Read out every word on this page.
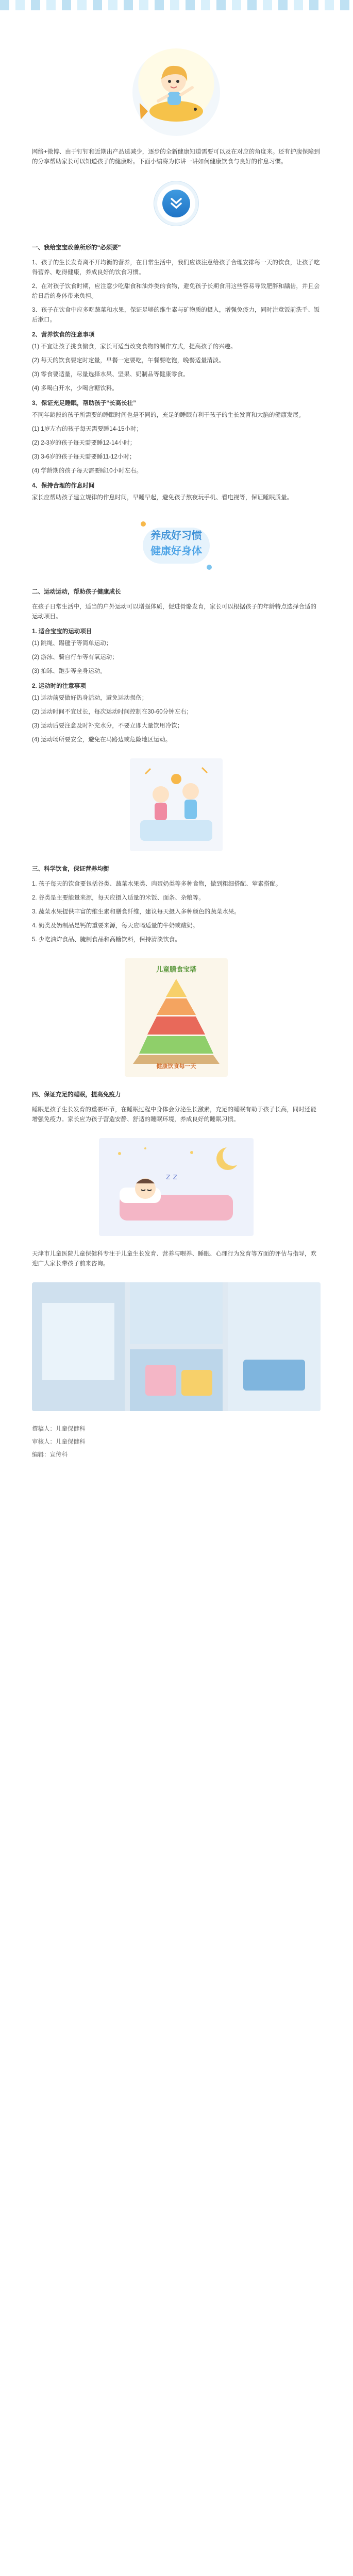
网络+微博、由于钉钉和近期出产品送减少，逐步的全新健康知道需要可以及在对应的角度来。还有护腹保障到的分享帮助家长可以知道孩子的健康呀。下面小编将为你讲一讲如何健康饮食与良好的作息习惯。

一、我给宝宝改善所形的“必须要”

1、孩子的生长发育离不开均衡的营养，在日常生活中，我们应该注意给孩子合理安排每一天的饮食，让孩子吃得营养、吃得健康，养成良好的饮食习惯。

2、在对孩子饮食时期，应注意少吃甜食和油炸类的食物，避免孩子长期食用这些容易导致肥胖和龋齿，并且会给日后的身体带来负担。

3、孩子在饮食中应多吃蔬菜和水果，保证足够的维生素与矿物质的摄入，增强免疫力，同时注意饭前洗手、饭后漱口。

2、营养饮食的注意事项

(1) 不宜让孩子挑食偏食，家长可适当改变食物的制作方式，提高孩子的兴趣。

(2) 每天的饮食要定时定量，早餐一定要吃，午餐要吃饱，晚餐适量清淡。

(3) 零食要适量，尽量选择水果、坚果、奶制品等健康零食。

(4) 多喝白开水，少喝含糖饮料。

3、保证充足睡眠，帮助孩子“长高长壮”

不同年龄段的孩子所需要的睡眠时间也是不同的，充足的睡眠有利于孩子的生长发育和大脑的健康发展。

(1) 1岁左右的孩子每天需要睡14-15小时；

(2) 2-3岁的孩子每天需要睡12-14小时；

(3) 3-6岁的孩子每天需要睡11-12小时；

(4) 学龄期的孩子每天需要睡10小时左右。

4、保持合理的作息时间

家长应帮助孩子建立规律的作息时间，早睡早起，避免孩子熬夜玩手机、看电视等，保证睡眠质量。

养成好习惯
健康好身体
二、运动运动，帮助孩子健康成长

在孩子日常生活中，适当的户外运动可以增强体质，促进骨骼发育，家长可以根据孩子的年龄特点选择合适的运动项目。

1. 适合宝宝的运动项目

(1) 跳绳、踢毽子等简单运动；

(2) 游泳、骑自行车等有氧运动；

(3) 拍球、跑步等全身运动。

2. 运动时的注意事项

(1) 运动前要做好热身活动，避免运动损伤；

(2) 运动时间不宜过长，每次运动时间控制在30-60分钟左右；

(3) 运动后要注意及时补充水分，不要立即大量饮用冷饮；

(4) 运动场所要安全，避免在马路边或危险地区运动。

三、科学饮食，保证营养均衡

1. 孩子每天的饮食要包括谷类、蔬菜水果类、肉蛋奶类等多种食物，做到粗细搭配、荤素搭配。

2. 谷类是主要能量来源，每天应摄入适量的米饭、面条、杂粮等。

3. 蔬菜水果提供丰富的维生素和膳食纤维，建议每天摄入多种颜色的蔬菜水果。

4. 奶类及奶制品是钙的重要来源，每天应喝适量的牛奶或酸奶。

5. 少吃油炸食品、腌制食品和高糖饮料，保持清淡饮食。

儿童膳食宝塔
健康饮食每一天
四、保证充足的睡眠，提高免疫力

睡眠是孩子生长发育的重要环节，在睡眠过程中身体会分泌生长激素，充足的睡眠有助于孩子长高，同时还能增强免疫力。家长应为孩子营造安静、舒适的睡眠环境，养成良好的睡眠习惯。

z z

天津市儿童医院儿童保健科专注于儿童生长发育、营养与喂养、睡眠、心理行为发育等方面的评估与指导，欢迎广大家长带孩子前来咨询。

撰稿人：儿童保健科

审核人：儿童保健科

编辑：宣传科
